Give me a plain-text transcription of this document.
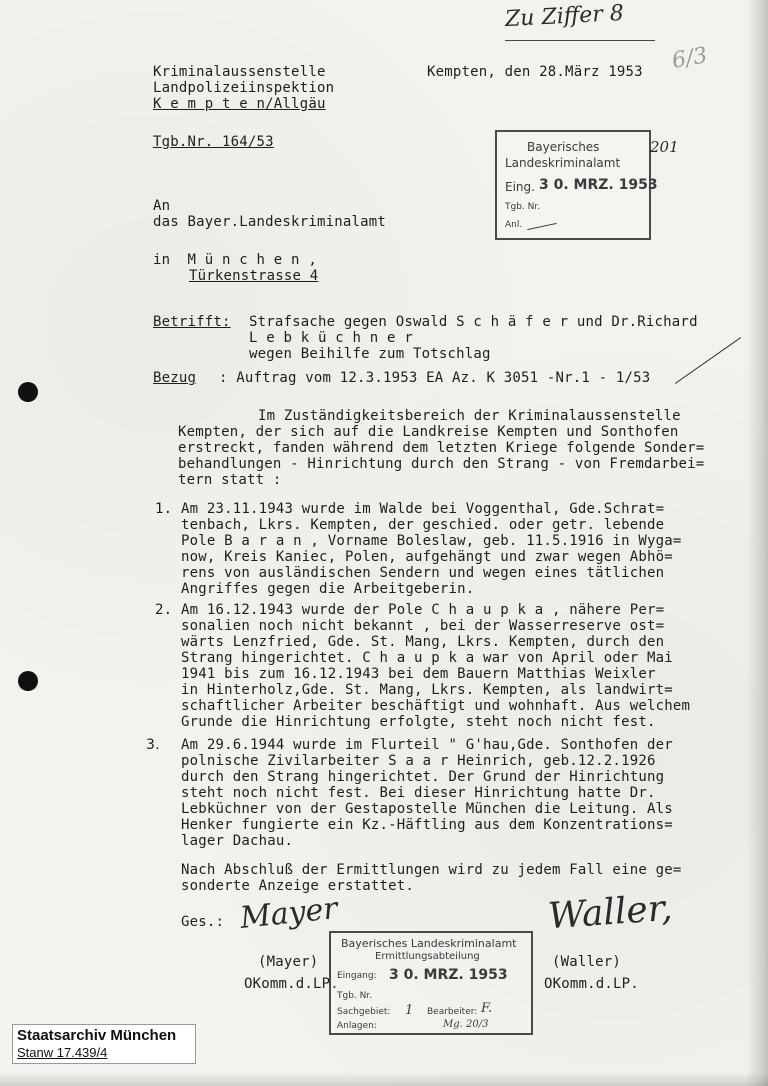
Zu Ziffer 8
6/3
Kriminalaussenstelle
Landpolizeiinspektion
K e m p t e n/Allgäu
Kempten, den 28.März 1953
Tgb.Nr. 164/53	Bayerisches
Landeskriminalamt
Eing. 3 0. MRZ. 1953
Tgb. Nr.
Anl.
201
An
das Bayer.Landeskriminalamt
in  M ü n c h e n ,
Türkenstrasse 4
Betrifft: Strafsache gegen Oswald S c h ä f e r und Dr.Richard
L e b k ü c h n e r
wegen Beihilfe zum Totschlag
Bezug : Auftrag vom 12.3.1953 EA Az. K 3051 -Nr.1 - 1/53
Im Zuständigkeitsbereich der Kriminalaussenstelle
Kempten, der sich auf die Landkreise Kempten und Sonthofen
erstreckt, fanden während dem letzten Kriege folgende Sonder=
behandlungen - Hinrichtung durch den Strang - von Fremdarbei=
tern statt :
1. Am 23.11.1943 wurde im Walde bei Voggenthal, Gde.Schrat=
tenbach, Lkrs. Kempten, der geschied. oder getr. lebende
Pole B a r a n , Vorname Boleslaw, geb. 11.5.1916 in Wyga=
now, Kreis Kaniec, Polen, aufgehängt und zwar wegen Abhö=
rens von ausländischen Sendern und wegen eines tätlichen
Angriffes gegen die Arbeitgeberin.
2. Am 16.12.1943 wurde der Pole C h a u p k a , nähere Per=
sonalien noch nicht bekannt , bei der Wasserreserve ost=
wärts Lenzfried, Gde. St. Mang, Lkrs. Kempten, durch den
Strang hingerichtet. C h a u p k a war von April oder Mai
1941 bis zum 16.12.1943 bei dem Bauern Matthias Weixler
in Hinterholz,Gde. St. Mang, Lkrs. Kempten, als landwirt=
schaftlicher Arbeiter beschäftigt und wohnhaft. Aus welchem
Grunde die Hinrichtung erfolgte, steht noch nicht fest.
3. Am 29.6.1944 wurde im Flurteil " G'hau,Gde. Sonthofen der
polnische Zivilarbeiter S a a r Heinrich, geb.12.2.1926
durch den Strang hingerichtet. Der Grund der Hinrichtung
steht noch nicht fest. Bei dieser Hinrichtung hatte Dr.
Lebküchner von der Gestapostelle München die Leitung. Als
Henker fungierte ein Kz.-Häftling aus dem Konzentrations=
lager Dachau.
Nach Abschluß der Ermittlungen wird zu jedem Fall eine ge=
sonderte Anzeige erstattet.
Ges.: Mayer
(Mayer)
OKomm.d.LP.
Waller,
(Waller)
OKomm.d.LP.
Bayerisches Landeskriminalamt
Ermittlungsabteilung
Eingang: 3 0. MRZ. 1953
Tgb. Nr.
Sachgebiet: 1 Bearbeiter: F.
Anlagen:	Mg. 20/3
Staatsarchiv München
Stanw 17.439/4
